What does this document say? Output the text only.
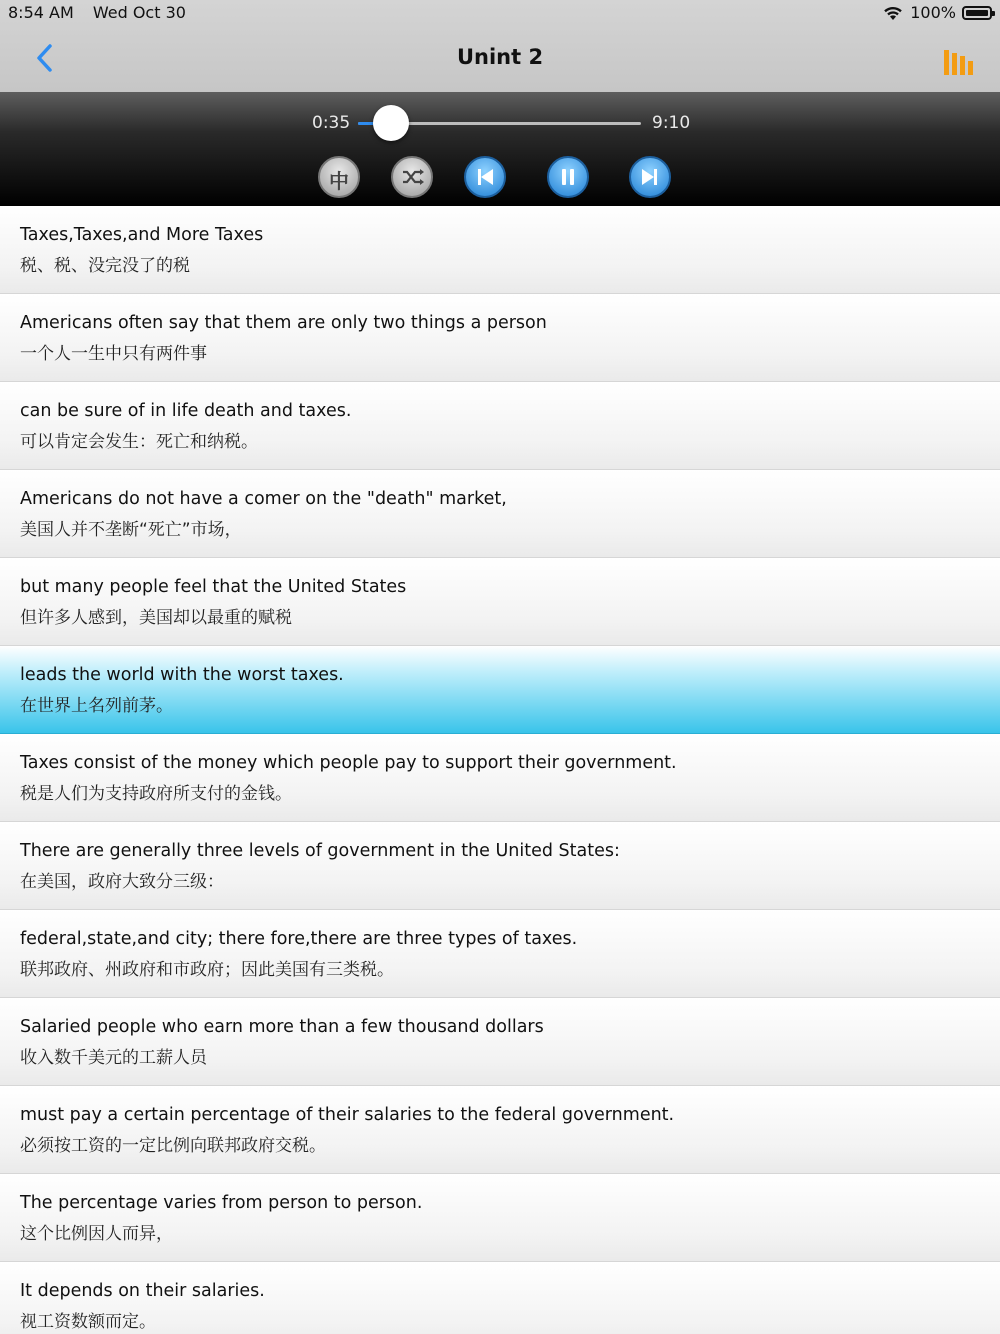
8:54 AM Wed Oct 30	100%
Unint 2
0:35	9:10
中
Taxes,Taxes,and More Taxes
税、税、没完没了的税
Americans often say that them are only two things a person
一个人一生中只有两件事
can be sure of in life death and taxes.
可以肯定会发生：死亡和纳税。
Americans do not have a comer on the "death" market,
美国人并不垄断“死亡”市场，
but many people feel that the United States
但许多人感到，美国却以最重的赋税
leads the world with the worst taxes.
在世界上名列前茅。
Taxes consist of the money which people pay to support their government.
税是人们为支持政府所支付的金钱。
There are generally three levels of government in the United States:
在美国，政府大致分三级：
federal,state,and city; there fore,there are three types of taxes.
联邦政府、州政府和市政府；因此美国有三类税。
Salaried people who earn more than a few thousand dollars
收入数千美元的工薪人员
must pay a certain percentage of their salaries to the federal government.
必须按工资的一定比例向联邦政府交税。
The percentage varies from person to person.
这个比例因人而异，
It depends on their salaries.
视工资数额而定。
